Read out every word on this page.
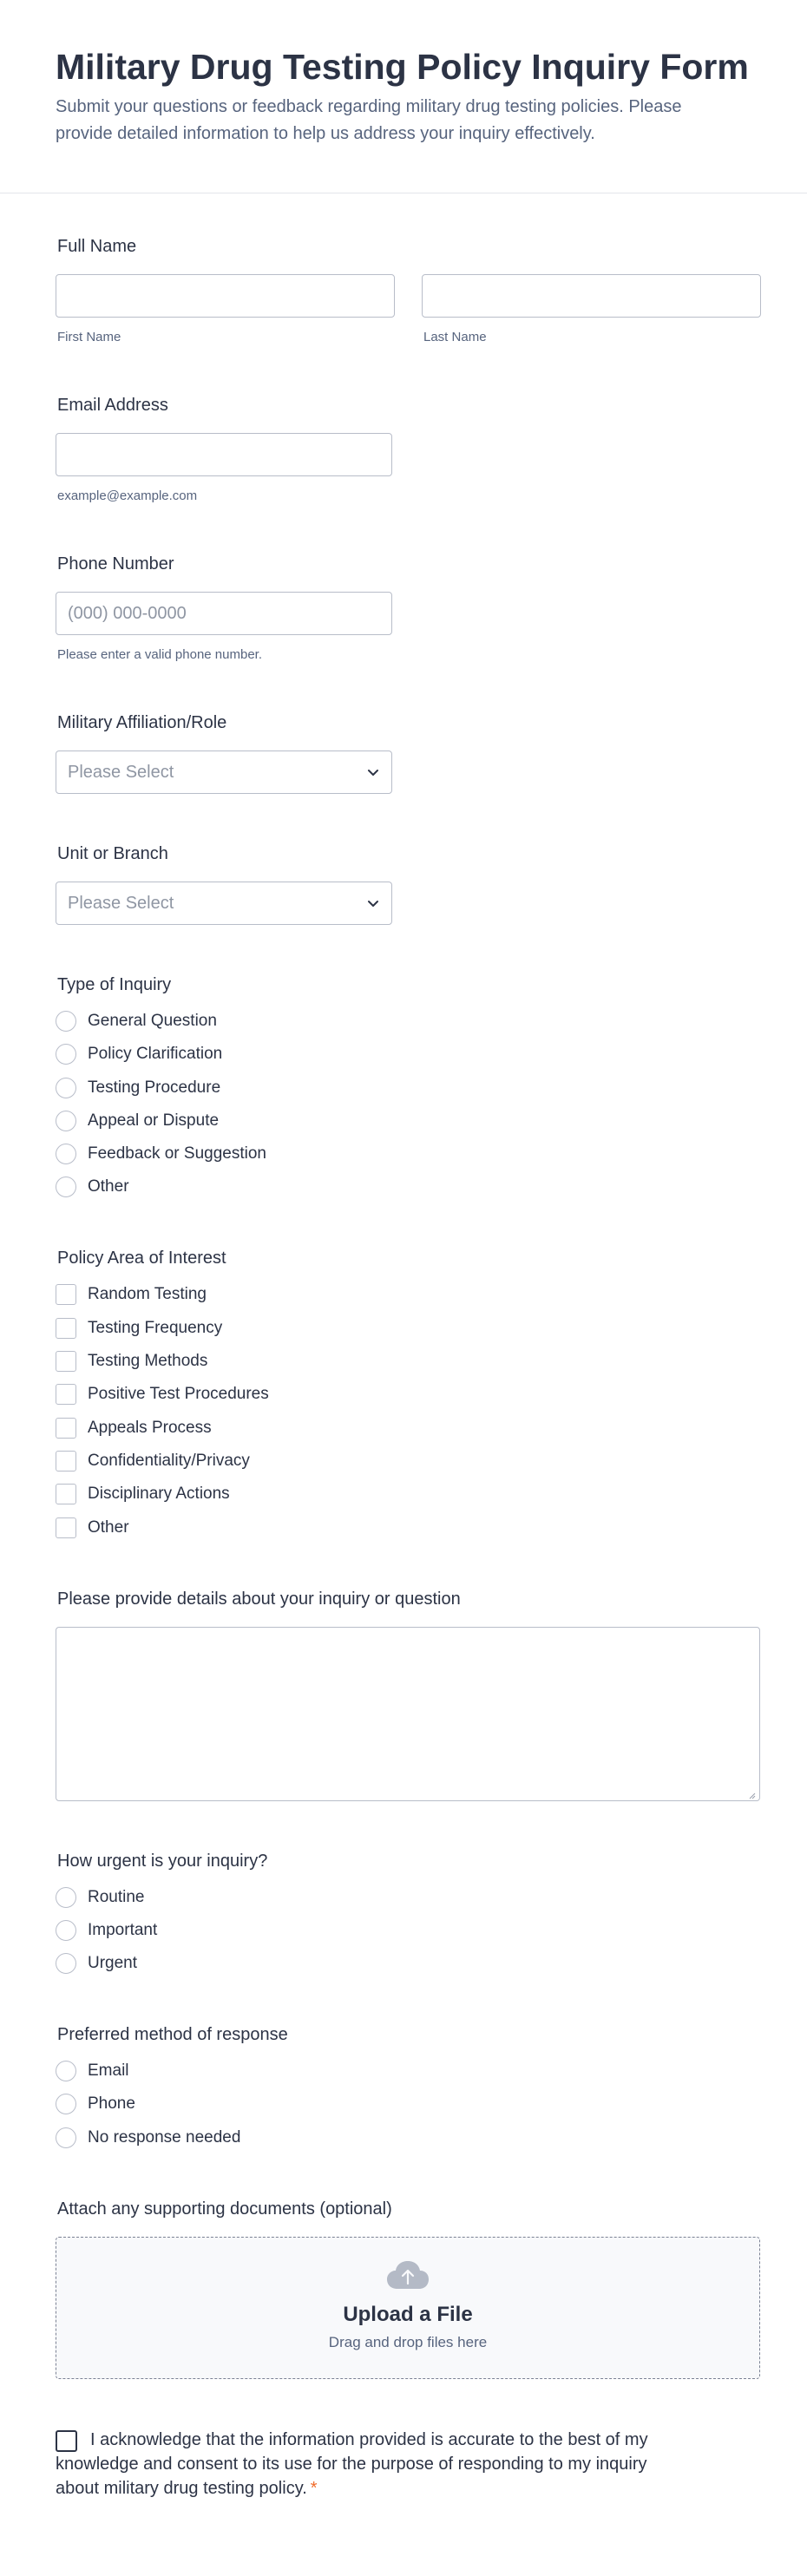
Military Drug Testing Policy Inquiry Form

Submit your questions or feedback regarding military drug testing policies. Please provide detailed information to help us address your inquiry effectively.

Full Name
First Name	Last Name
Email Address
example@example.com
Phone Number
(000) 000-0000
Please enter a valid phone number.
Military Affiliation/Role
Please Select
Unit or Branch
Please Select
Type of Inquiry
General Question
Policy Clarification
Testing Procedure
Appeal or Dispute
Feedback or Suggestion
Other
Policy Area of Interest
Random Testing
Testing Frequency
Testing Methods
Positive Test Procedures
Appeals Process
Confidentiality/Privacy
Disciplinary Actions
Other
Please provide details about your inquiry or question
How urgent is your inquiry?
Routine
Important
Urgent
Preferred method of response
Email
Phone
No response needed
Attach any supporting documents (optional)
Upload a File
Drag and drop files here
I acknowledge that the information provided is accurate to the best of my knowledge and consent to its use for the purpose of responding to my inquiry about military drug testing policy. *
